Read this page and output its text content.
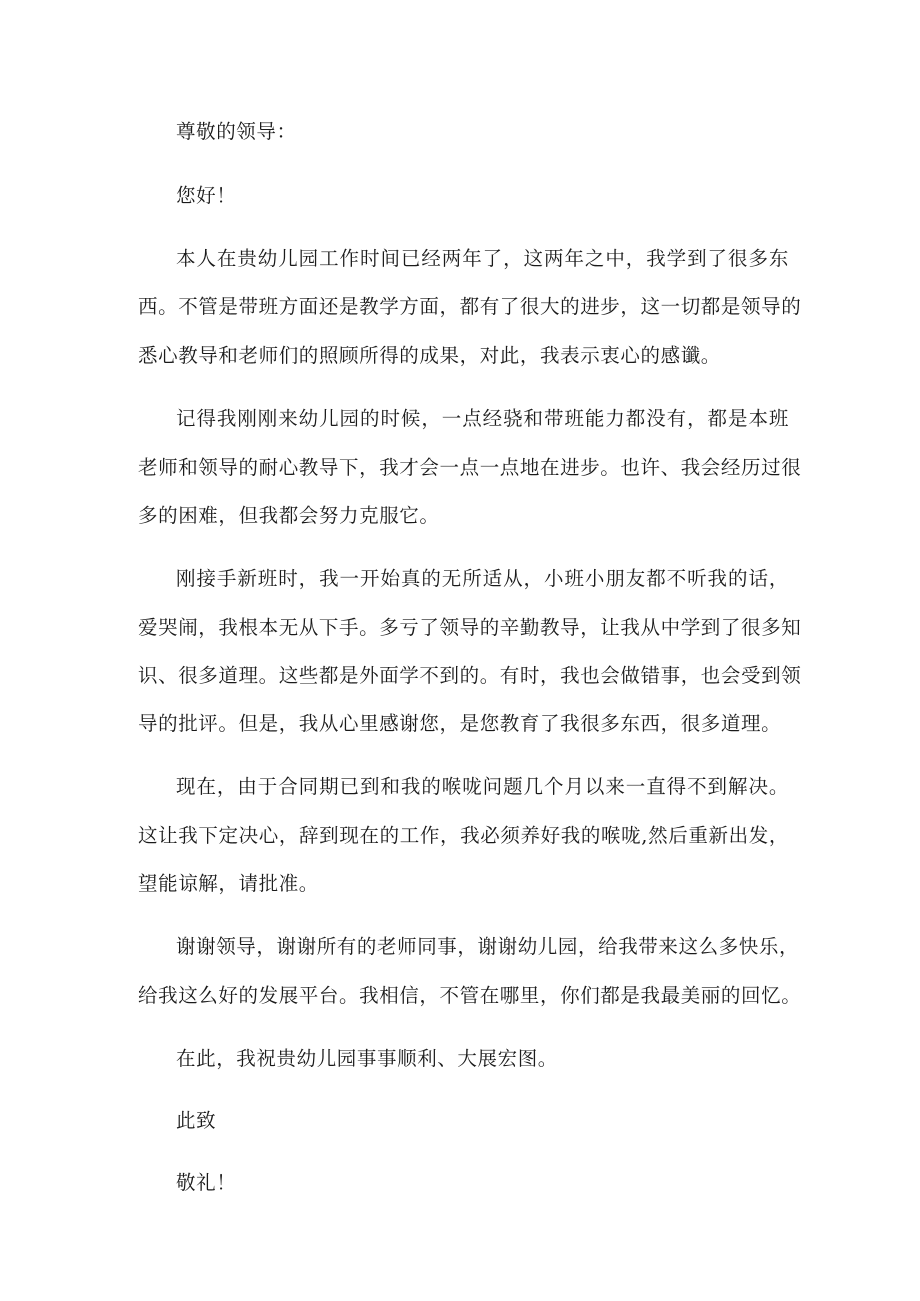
尊敬的领导：
您好！
本人在贵幼儿园工作时间已经两年了，这两年之中，我学到了很多东
西。不管是带班方面还是教学方面，都有了很大的进步，这一切都是领导的
悉心教导和老师们的照顾所得的成果，对此，我表示衷心的感谶。
记得我刚刚来幼儿园的时候，一点经骁和带班能力都没有，都是本班
老师和领导的耐心教导下，我才会一点一点地在进步。也许、我会经历过很
多的困难，但我都会努力克服它。
刚接手新班时，我一开始真的无所适从，小班小朋友都不听我的话，
爱哭闹，我根本无从下手。多亏了领导的辛勤教导，让我从中学到了很多知
识、很多道理。这些都是外面学不到的。有时，我也会做错事，也会受到领
导的批评。但是，我从心里感谢您，是您教育了我很多东西，很多道理。
现在，由于合同期已到和我的喉咙问题几个月以来一直得不到解决。
这让我下定决心，辞到现在的工作，我必须养好我的喉咙,然后重新出发，
望能谅解，请批准。
谢谢领导，谢谢所有的老师同事，谢谢幼儿园，给我带来这么多快乐，
给我这么好的发展平台。我相信，不管在哪里，你们都是我最美丽的回忆。
在此，我祝贵幼儿园事事顺利、大展宏图。
此致
敬礼！
